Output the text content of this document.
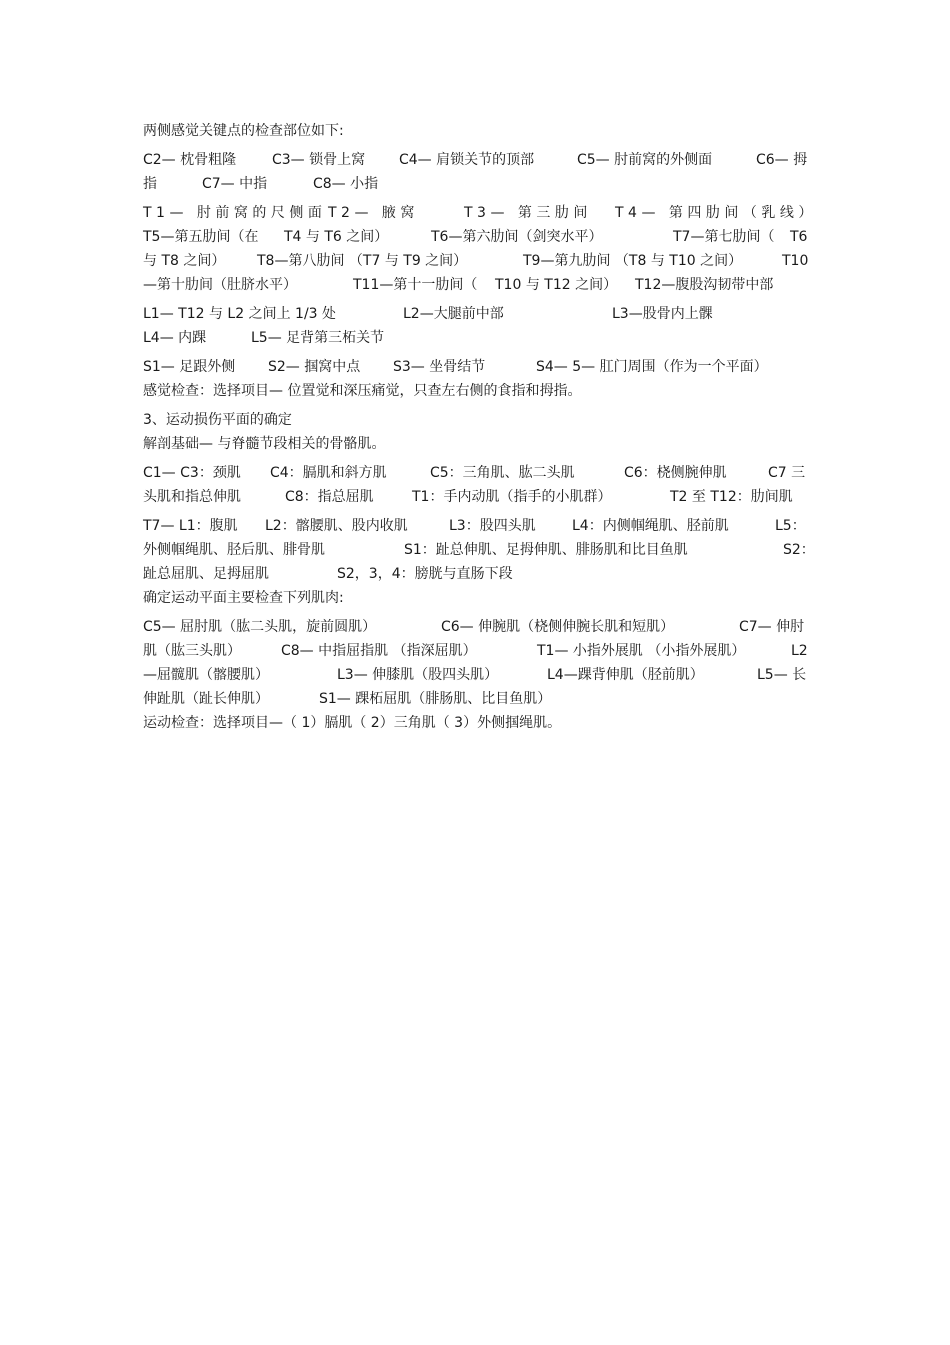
两侧感觉关键点的检查部位如下:
C2— 枕骨粗隆	C3— 锁骨上窝 C4— 肩锁关节的顶部	C5— 肘前窝的外侧面	C6— 拇
指	C7— 中指	C8— 小指
T1— 肘前窝的尺侧面 T2— 腋窝	T3— 第三肋间 T4— 第四肋间（乳线）
T5—第五肋间（在 T4 与 T6 之间）	T6—第六肋间（剑突水平）	T7—第七肋间（ T6
与 T8 之间） T8—第八肋间 （T7 与 T9 之间）	T9—第九肋间 （T8 与 T10 之间）	T10
—第十肋间（肚脐水平）	T11—第十一肋间（ T10 与 T12 之间） T12—腹股沟韧带中部
L1— T12 与 L2 之间上 1/3 处	L2—大腿前中部	L3—股骨内上髁
L4— 内踝	L5— 足背第三柘关节
S1— 足跟外侧 S2— 掴窝中点 S3— 坐骨结节	S4— 5— 肛门周围（作为一个平面）
感觉检查：选择项目— 位置觉和深压痛觉，只查左右侧的食指和拇指。
3、运动损伤平面的确定
解剖基础— 与脊髓节段相关的骨骼肌。
C1— C3：颈肌 C4：膈肌和斜方肌	C5：三角肌、肱二头肌	C6：桡侧腕伸肌	C7 三
头肌和指总伸肌	C8：指总屈肌	T1：手内动肌（指手的小肌群）	T2 至 T12：肋间肌
T7— L1：腹肌 L2：髂腰肌、股内收肌	L3：股四头肌	L4：内侧帼绳肌、胫前肌	L5：
外侧帼绳肌、胫后肌、腓骨肌	S1：趾总伸肌、足拇伸肌、腓肠肌和比目鱼肌	S2：
趾总屈肌、足拇屈肌	S2，3，4：膀胱与直肠下段
确定运动平面主要检查下列肌肉:
C5— 屈肘肌（肱二头肌，旋前圆肌）	C6— 伸腕肌（桡侧伸腕长肌和短肌）	C7— 伸肘
肌（肱三头肌）	C8— 中指屈指肌 （指深屈肌）	T1— 小指外展肌 （小指外展肌）	L2
—屈髋肌（髂腰肌）	L3— 伸膝肌（股四头肌）	L4—踝背伸肌（胫前肌）	L5— 长
伸趾肌（趾长伸肌）	S1— 踝柘屈肌（腓肠肌、比目鱼肌）
运动检查：选择项目—（ 1）膈肌（ 2）三角肌（ 3）外侧掴绳肌。
